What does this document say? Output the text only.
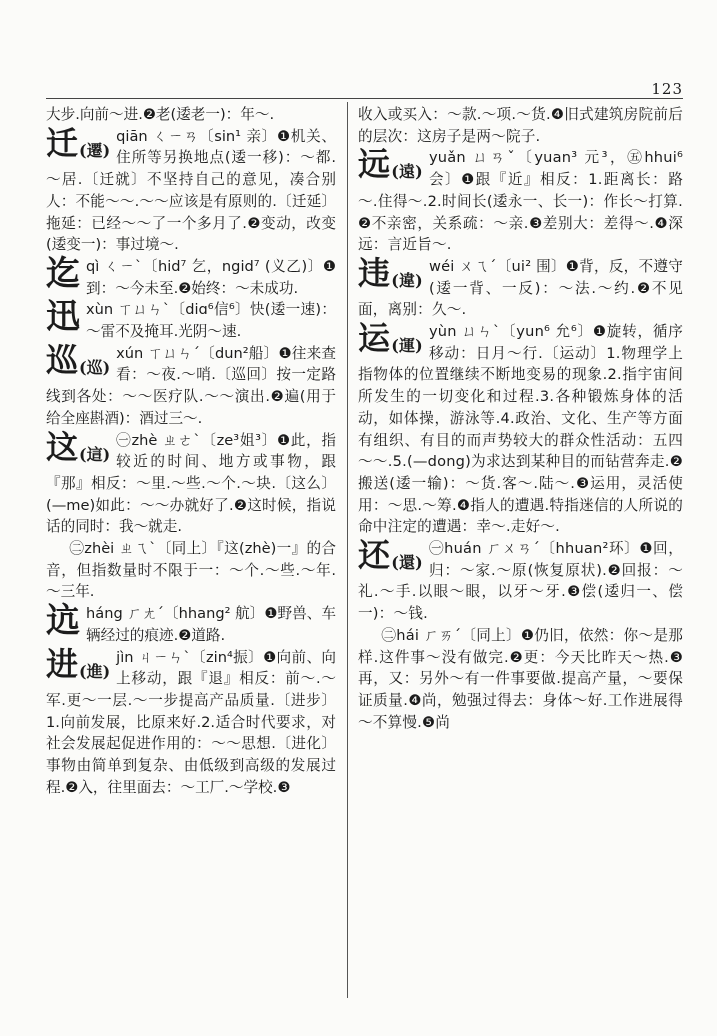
123

大步.向前～进.❷老(逶老一)：年～.

迁(遷)
qiān ㄑㄧㄢ〔sin¹ 亲〕❶机关、住所等另换地点(逶一移)：～都.～居.〔迁就〕不坚持自己的意见，凑合别人：不能～～.～～应该是有原则的.〔迁延〕拖延：已经～～了一个多月了.❷变动，改变(逶变一)：事过境～.

迄 qì ㄑㄧˋ〔hid⁷ 乞，ngid⁷ (义乙)〕❶到：～今未至.❷始终：～未成功.

迅 xùn ㄒㄩㄣˋ〔diɑ⁶信⁶〕快(逶一速)：～雷不及掩耳.光阴～速.

巡(巡)
xún ㄒㄩㄣˊ〔dun²船〕❶往来查看：～夜.～哨.〔巡回〕按一定路线到各处：～～医疗队.～～演出.❷遍(用于给全座斟酒)：酒过三～.

这(這)
㊀zhè ㄓㄜˋ〔ze³姐³〕❶此，指较近的时间、地方或事物，跟『那』相反：～里.～些.～个.～块.〔这么〕(—me)如此：～～办就好了.❷这时候，指说话的同时：我～就走.

㊁zhèi ㄓㄟˋ〔同上〕『这(zhè)一』的合音，但指数量时不限于一：～个.～些.～年.～三年.

迒 háng ㄏㄤˊ〔hhang² 航〕❶野兽、车辆经过的痕迹.❷道路.

进(進)
jìn ㄐㄧㄣˋ〔zin⁴振〕❶向前、向上移动，跟『退』相反：前～.～军.更～一层.～一步提高产品质量.〔进步〕1.向前发展，比原来好.2.适合时代要求，对社会发展起促进作用的：～～思想.〔进化〕事物由简单到复杂、由低级到高级的发展过程.❷入，往里面去：～工厂.～学校.❸

收入或买入：～款.～项.～货.❹旧式建筑房院前后的层次：这房子是两～院子.

远(遠)
yuǎn ㄩㄢˇ〔yuan³ 元³，㊄hhui⁶ 会〕❶跟『近』相反：1.距离长：路～.住得～.2.时间长(逶永一、长一)：作长～打算.❷不亲密，关系疏：～亲.❸差别大：差得～.❹深远：言近旨～.

违(違)
wéi ㄨㄟˊ〔ui² 围〕❶背，反，不遵守(逶一背、一反)：～法.～约.❷不见面，离别：久～.

运(運)
yùn ㄩㄣˋ〔yun⁶ 允⁶〕❶旋转，循序移动：日月～行.〔运动〕1.物理学上指物体的位置继续不断地变易的现象.2.指宇宙间所发生的一切变化和过程.3.各种锻炼身体的活动，如体操，游泳等.4.政治、文化、生产等方面有组织、有目的而声势较大的群众性活动：五四～～.5.(—dong)为求达到某种目的而钻营奔走.❷搬送(逶一输)：～货.客～.陆～.❸运用，灵活使用：～思.～筹.❹指人的遭遇.特指迷信的人所说的命中注定的遭遇：幸～.走好～.

还(還)
㊀huán ㄏㄨㄢˊ〔hhuan²环〕❶回，归：～家.～原(恢复原状).❷回报：～礼.～手.以眼～眼，以牙～牙.❸偿(逶归一、偿一)：～钱.

㊁hái ㄏㄞˊ〔同上〕❶仍旧，依然：你～是那样.这件事～没有做完.❷更：今天比昨天～热.❸再，又：另外～有一件事要做.提高产量，～要保证质量.❹尚，勉强过得去：身体～好.工作进展得～不算慢.❺尚
